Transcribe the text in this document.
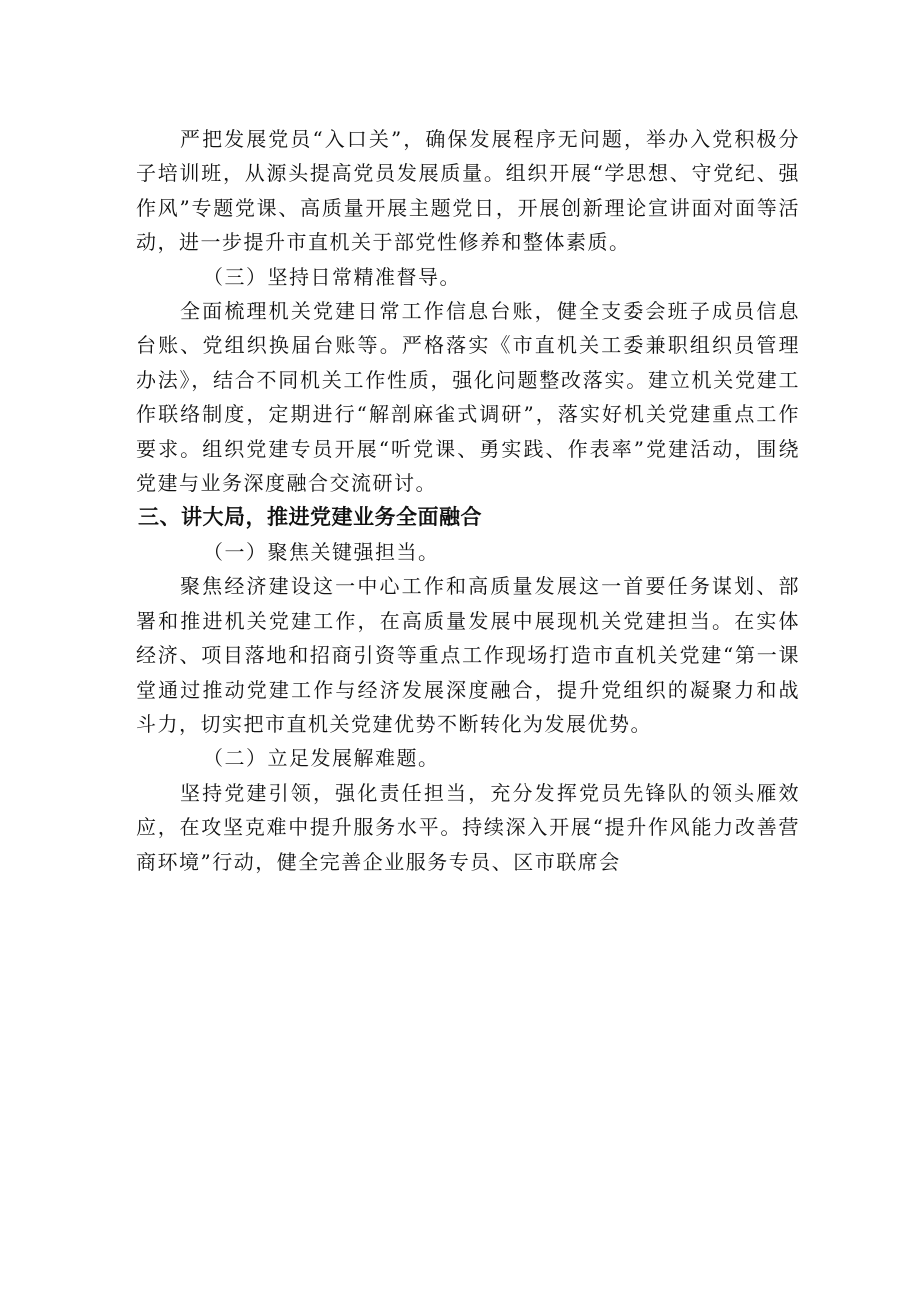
严把发展党员“入口关”，确保发展程序无问题，举办入党积极分子培训班，从源头提高党员发展质量。组织开展“学思想、守党纪、强作风”专题党课、高质量开展主题党日，开展创新理论宣讲面对面等活动，进一步提升市直机关于部党性修养和整体素质。

（三）坚持日常精准督导。

全面梳理机关党建日常工作信息台账，健全支委会班子成员信息台账、党组织换届台账等。严格落实《市直机关工委兼职组织员管理办法》，结合不同机关工作性质，强化问题整改落实。建立机关党建工作联络制度，定期进行“解剖麻雀式调研”，落实好机关党建重点工作要求。组织党建专员开展“听党课、勇实践、作表率”党建活动，围绕党建与业务深度融合交流研讨。

三、讲大局，推进党建业务全面融合

（一）聚焦关键强担当。

聚焦经济建设这一中心工作和高质量发展这一首要任务谋划、部署和推进机关党建工作，在高质量发展中展现机关党建担当。在实体经济、项目落地和招商引资等重点工作现场打造市直机关党建“第一课堂通过推动党建工作与经济发展深度融合，提升党组织的凝聚力和战斗力，切实把市直机关党建优势不断转化为发展优势。

（二）立足发展解难题。

坚持党建引领，强化责任担当，充分发挥党员先锋队的领头雁效应，在攻坚克难中提升服务水平。持续深入开展“提升作风能力改善营商环境”行动，健全完善企业服务专员、区市联席会
